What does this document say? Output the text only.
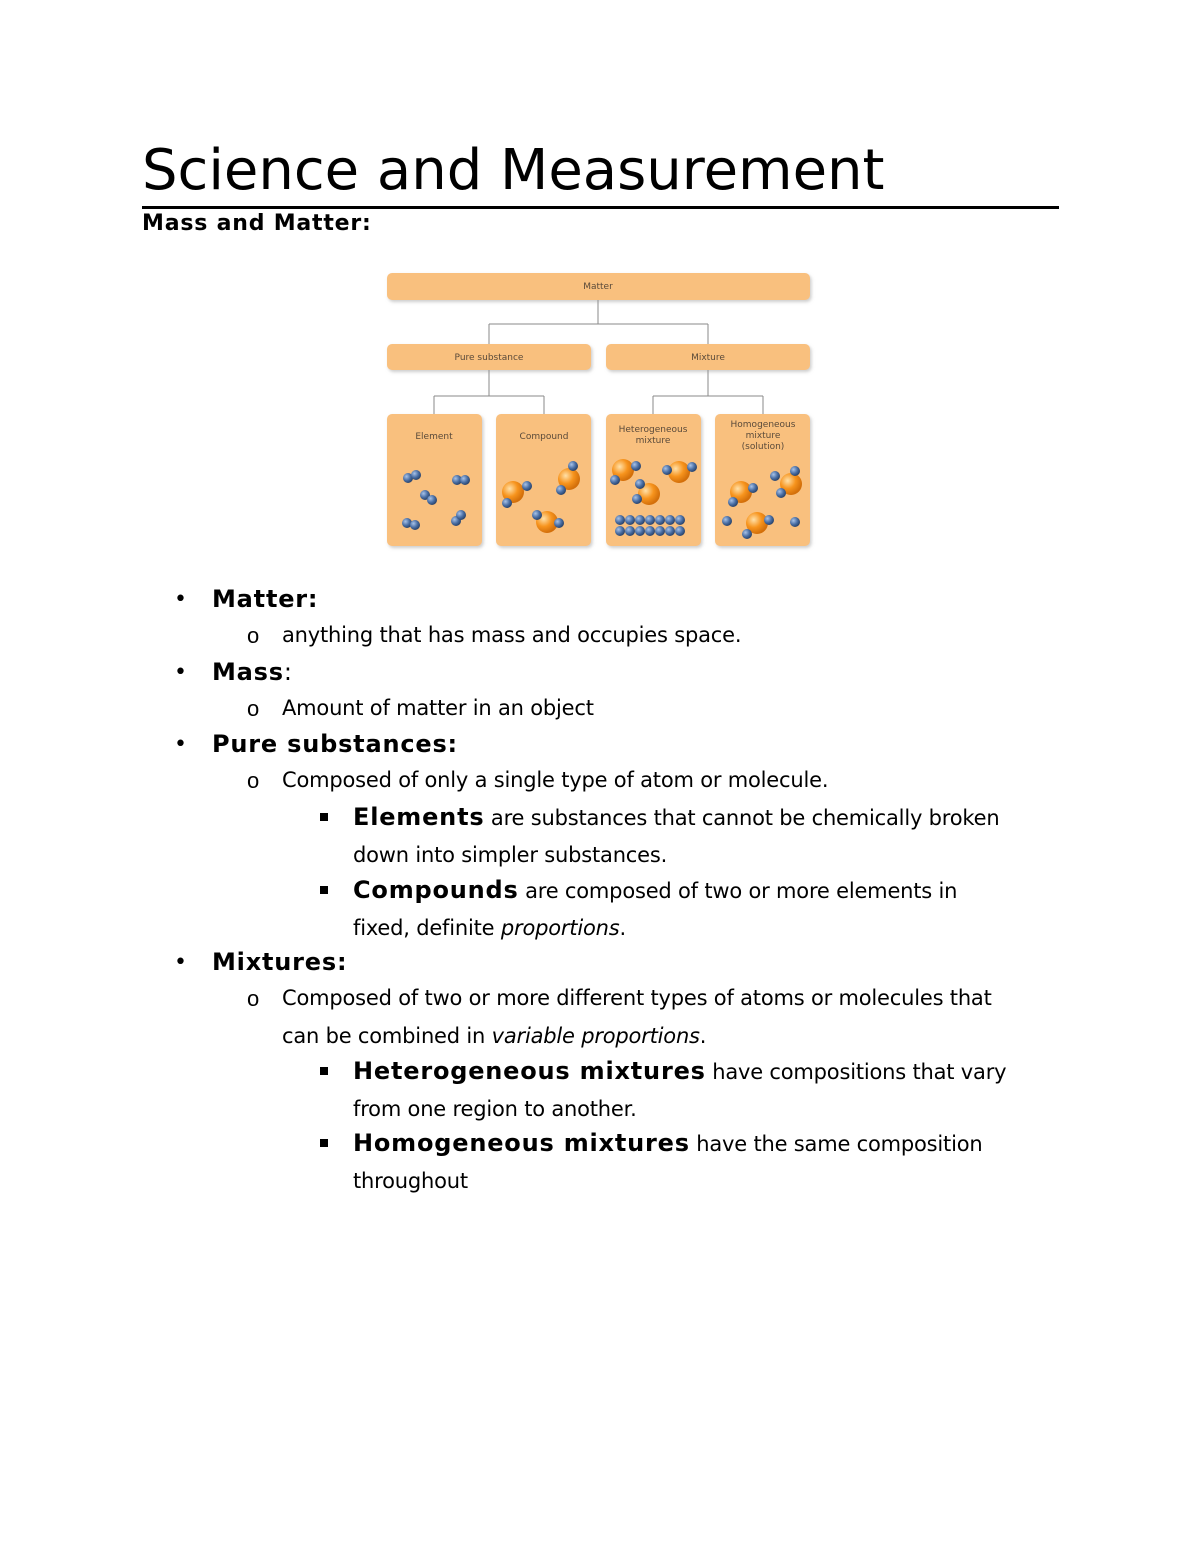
Science and Measurement
Mass and Matter:
Matter
Pure substance	Mixture
Element	Compound
Heterogeneous
mixture
Homogeneous
mixture
(solution)
• Matter:
o anything that has mass and occupies space.
• Mass:
o Amount of matter in an object
• Pure substances:
o Composed of only a single type of atom or molecule.
Elements are substances that cannot be chemically broken
down into simpler substances.
Compounds are composed of two or more elements in
fixed, definite proportions.
• Mixtures:
o Composed of two or more different types of atoms or molecules that
can be combined in variable proportions.
Heterogeneous mixtures have compositions that vary
from one region to another.
Homogeneous mixtures have the same composition
throughout
